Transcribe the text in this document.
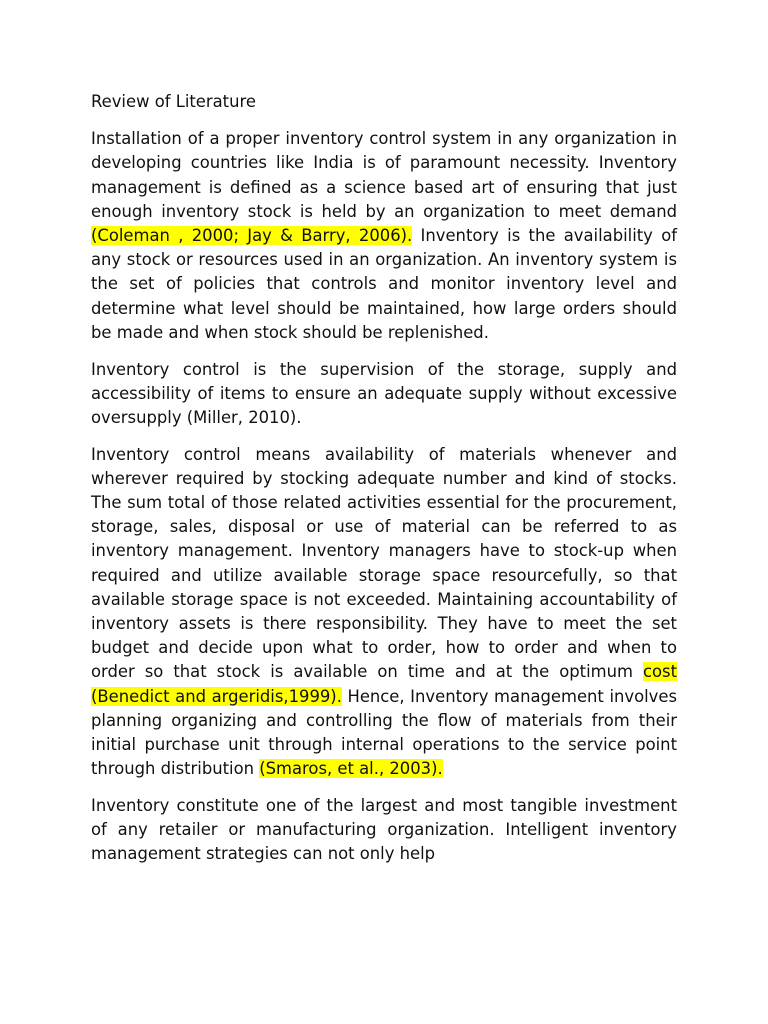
Review of Literature

Installation of a proper inventory control system in any organization in developing countries like India is of paramount necessity. Inventory management is defined as a science based art of ensuring that just enough inventory stock is held by an organization to meet demand (Coleman , 2000; Jay & Barry, 2006). Inventory is the availability of any stock or resources used in an organization. An inventory system is the set of policies that controls and monitor inventory level and determine what level should be maintained, how large orders should be made and when stock should be replenished.

Inventory control is the supervision of the storage, supply and accessibility of items to ensure an adequate supply without excessive oversupply (Miller, 2010).

Inventory control means availability of materials whenever and wherever required by stocking adequate number and kind of stocks. The sum total of those related activities essential for the procurement, storage, sales, disposal or use of material can be referred to as inventory management. Inventory managers have to stock-up when required and utilize available storage space resourcefully, so that available storage space is not exceeded. Maintaining accountability of inventory assets is there responsibility. They have to meet the set budget and decide upon what to order, how to order and when to order so that stock is available on time and at the optimum cost (Benedict and argeridis,1999). Hence, Inventory management involves planning organizing and controlling the flow of materials from their initial purchase unit through internal operations to the service point through distribution (Smaros, et al., 2003).

Inventory constitute one of the largest and most tangible investment of any retailer or manufacturing organization. Intelligent inventory management strategies can not only help
